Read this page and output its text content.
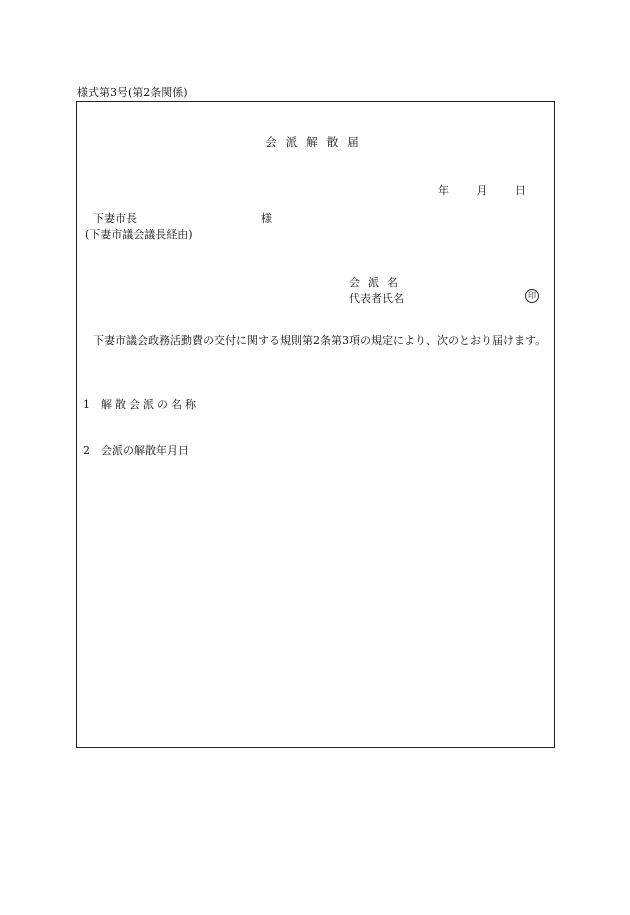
様式第3号(第2条関係)
会派解散届
年	月	日
下妻市長	様
(下妻市議会議長経由)
会派名
代表者氏名	印
下妻市議会政務活動費の交付に関する規則第2条第3項の規定により、次のとおり届けます。
1 解散会派の名称
2 会派の解散年月日
